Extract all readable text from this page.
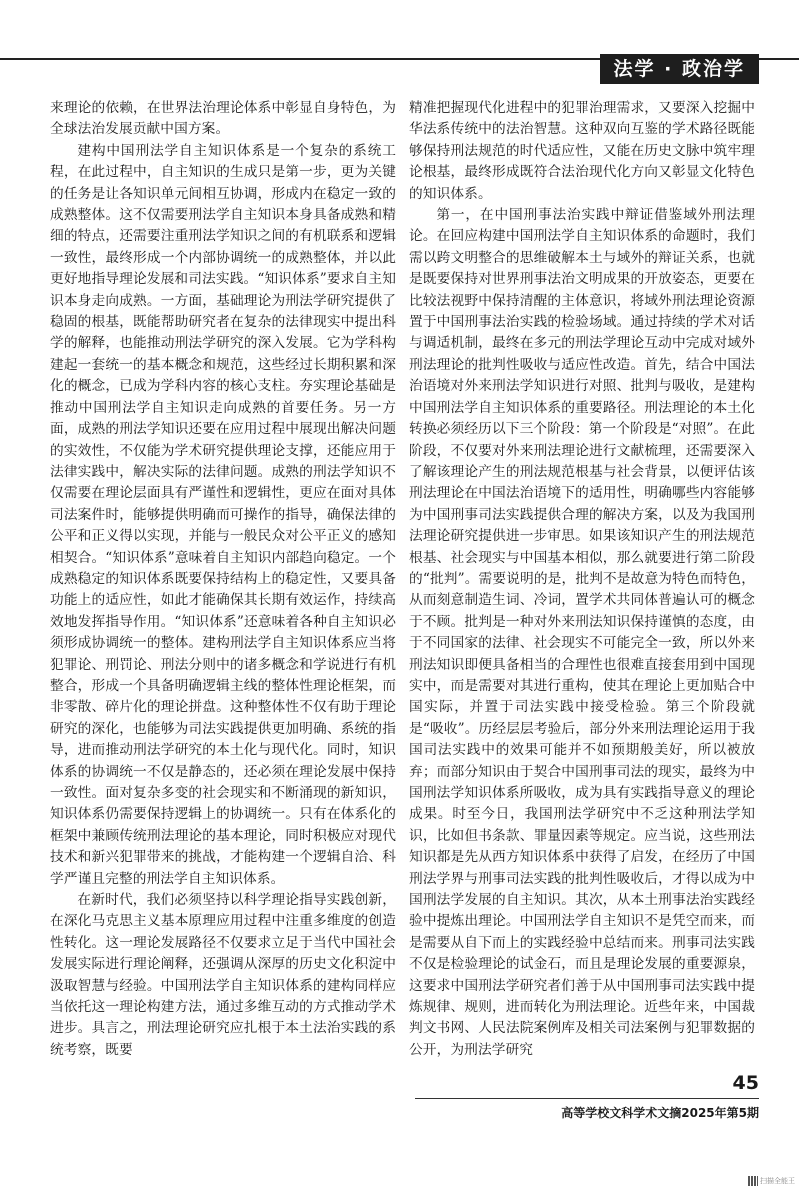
法学 · 政治学

来理论的依赖，在世界法治理论体系中彰显自身特色，为全球法治发展贡献中国方案。

建构中国刑法学自主知识体系是一个复杂的系统工程，在此过程中，自主知识的生成只是第一步，更为关键的任务是让各知识单元间相互协调，形成内在稳定一致的成熟整体。这不仅需要刑法学自主知识本身具备成熟和精细的特点，还需要注重刑法学知识之间的有机联系和逻辑一致性，最终形成一个内部协调统一的成熟整体，并以此更好地指导理论发展和司法实践。“知识体系”要求自主知识本身走向成熟。一方面，基础理论为刑法学研究提供了稳固的根基，既能帮助研究者在复杂的法律现实中提出科学的解释，也能推动刑法学研究的深入发展。它为学科构建起一套统一的基本概念和规范，这些经过长期积累和深化的概念，已成为学科内容的核心支柱。夯实理论基础是推动中国刑法学自主知识走向成熟的首要任务。另一方面，成熟的刑法学知识还要在应用过程中展现出解决问题的实效性，不仅能为学术研究提供理论支撑，还能应用于法律实践中，解决实际的法律问题。成熟的刑法学知识不仅需要在理论层面具有严谨性和逻辑性，更应在面对具体司法案件时，能够提供明确而可操作的指导，确保法律的公平和正义得以实现，并能与一般民众对公平正义的感知相契合。“知识体系”意味着自主知识内部趋向稳定。一个成熟稳定的知识体系既要保持结构上的稳定性，又要具备功能上的适应性，如此才能确保其长期有效运作，持续高效地发挥指导作用。“知识体系”还意味着各种自主知识必须形成协调统一的整体。建构刑法学自主知识体系应当将犯罪论、刑罚论、刑法分则中的诸多概念和学说进行有机整合，形成一个具备明确逻辑主线的整体性理论框架，而非零散、碎片化的理论拼盘。这种整体性不仅有助于理论研究的深化，也能够为司法实践提供更加明确、系统的指导，进而推动刑法学研究的本土化与现代化。同时，知识体系的协调统一不仅是静态的，还必须在理论发展中保持一致性。面对复杂多变的社会现实和不断涌现的新知识，知识体系仍需要保持逻辑上的协调统一。只有在体系化的框架中兼顾传统刑法理论的基本理论，同时积极应对现代技术和新兴犯罪带来的挑战，才能构建一个逻辑自洽、科学严谨且完整的刑法学自主知识体系。

在新时代，我们必须坚持以科学理论指导实践创新，在深化马克思主义基本原理应用过程中注重多维度的创造性转化。这一理论发展路径不仅要求立足于当代中国社会发展实际进行理论阐释，还强调从深厚的历史文化积淀中汲取智慧与经验。中国刑法学自主知识体系的建构同样应当依托这一理论构建方法，通过多维互动的方式推动学术进步。具言之，刑法理论研究应扎根于本土法治实践的系统考察，既要

精准把握现代化进程中的犯罪治理需求，又要深入挖掘中华法系传统中的法治智慧。这种双向互鉴的学术路径既能够保持刑法规范的时代适应性，又能在历史文脉中筑牢理论根基，最终形成既符合法治现代化方向又彰显文化特色的知识体系。

第一，在中国刑事法治实践中辩证借鉴域外刑法理论。在回应构建中国刑法学自主知识体系的命题时，我们需以跨文明整合的思维破解本土与域外的辩证关系，也就是既要保持对世界刑事法治文明成果的开放姿态，更要在比较法视野中保持清醒的主体意识，将域外刑法理论资源置于中国刑事法治实践的检验场域。通过持续的学术对话与调适机制，最终在多元的刑法学理论互动中完成对域外刑法理论的批判性吸收与适应性改造。首先，结合中国法治语境对外来刑法学知识进行对照、批判与吸收，是建构中国刑法学自主知识体系的重要路径。刑法理论的本土化转换必须经历以下三个阶段：第一个阶段是“对照”。在此阶段，不仅要对外来刑法理论进行文献梳理，还需要深入了解该理论产生的刑法规范根基与社会背景，以便评估该刑法理论在中国法治语境下的适用性，明确哪些内容能够为中国刑事司法实践提供合理的解决方案，以及为我国刑法理论研究提供进一步审思。如果该知识产生的刑法规范根基、社会现实与中国基本相似，那么就要进行第二阶段的“批判”。需要说明的是，批判不是故意为特色而特色，从而刻意制造生词、冷词，置学术共同体普遍认可的概念于不顾。批判是一种对外来刑法知识保持谨慎的态度，由于不同国家的法律、社会现实不可能完全一致，所以外来刑法知识即便具备相当的合理性也很难直接套用到中国现实中，而是需要对其进行重构，使其在理论上更加贴合中国实际，并置于司法实践中接受检验。第三个阶段就是“吸收”。历经层层考验后，部分外来刑法理论运用于我国司法实践中的效果可能并不如预期般美好，所以被放弃；而部分知识由于契合中国刑事司法的现实，最终为中国刑法学知识体系所吸收，成为具有实践指导意义的理论成果。时至今日，我国刑法学研究中不乏这种刑法学知识，比如但书条款、罪量因素等规定。应当说，这些刑法知识都是先从西方知识体系中获得了启发，在经历了中国刑法学界与刑事司法实践的批判性吸收后，才得以成为中国刑法学发展的自主知识。其次，从本土刑事法治实践经验中提炼出理论。中国刑法学自主知识不是凭空而来，而是需要从自下而上的实践经验中总结而来。刑事司法实践不仅是检验理论的试金石，而且是理论发展的重要源泉，这要求中国刑法学研究者们善于从中国刑事司法实践中提炼规律、规则，进而转化为刑法理论。近些年来，中国裁判文书网、人民法院案例库及相关司法案例与犯罪数据的公开，为刑法学研究

45
高等学校文科学术文摘2025年第5期
扫描全能王
